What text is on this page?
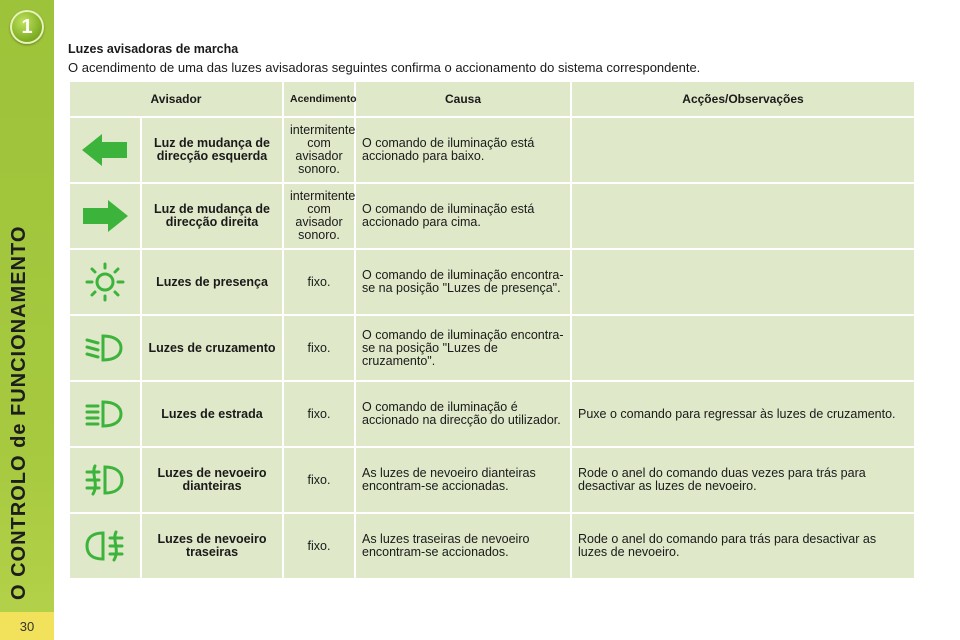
1
O CONTROLO de FUNCIONAMENTO
30
Luzes avisadoras de marcha
O acendimento de uma das luzes avisadoras seguintes confirma o accionamento do sistema correspondente.
Avisador		Acendimento	Causa	Acções/Observações

	Luz de mudança de direcção esquerda	intermitente com avisador sonoro.	O comando de iluminação está accionado para baixo.	

	Luz de mudança de direcção direita	intermitente com avisador sonoro.	O comando de iluminação está accionado para cima.	

	Luzes de presença	fixo.	O comando de iluminação encontra-se na posição "Luzes de presença".	

	Luzes de cruzamento	fixo.	O comando de iluminação encontra-se na posição "Luzes de cruzamento".	

	Luzes de estrada	fixo.	O comando de iluminação é accionado na direcção do utilizador.	Puxe o comando para regressar às luzes de cruzamento.

	Luzes de nevoeiro dianteiras	fixo.	As luzes de nevoeiro dianteiras encontram-se accionadas.	Rode o anel do comando duas vezes para trás para desactivar as luzes de nevoeiro.

	Luzes de nevoeiro traseiras	fixo.	As luzes traseiras de nevoeiro encontram-se accionados.	Rode o anel do comando para trás para desactivar as luzes de nevoeiro.
